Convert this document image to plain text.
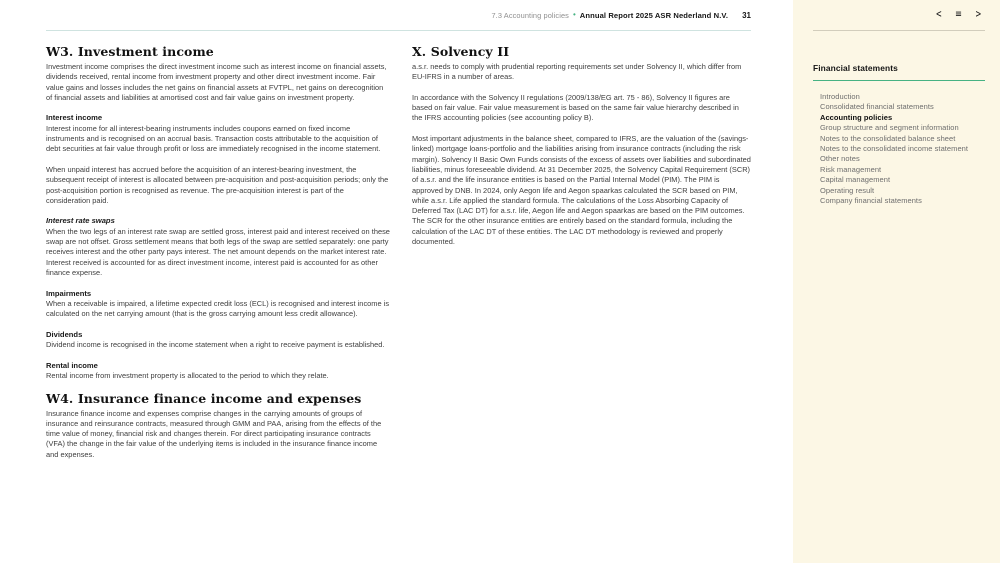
7.3 Accounting policies • Annual Report 2025 ASR Nederland N.V. 31
W3. Investment income

Investment income comprises the direct investment income such as interest income on financial assets, dividends received, rental income from investment property and other direct investment income. Fair value gains and losses includes the net gains on financial assets at FVTPL, net gains on derecognition of financial assets and liabilities at amortised cost and fair value gains on investment property.

Interest income

Interest income for all interest-bearing instruments includes coupons earned on fixed income instruments and is recognised on an accrual basis. Transaction costs attributable to the acquisition of debt securities at fair value through profit or loss are immediately recognised in the income statement.

When unpaid interest has accrued before the acquisition of an interest-bearing investment, the subsequent receipt of interest is allocated between pre-acquisition and post-acquisition periods; only the post-acquisition portion is recognised as revenue. The pre-acquisition interest is part of the consideration paid.

Interest rate swaps

When the two legs of an interest rate swap are settled gross, interest paid and interest received on these swap are not offset. Gross settlement means that both legs of the swap are settled separately: one party receives interest and the other party pays interest. The net amount depends on the market interest rate. Interest received is accounted for as direct investment income, interest paid is accounted for as other finance expense.

Impairments

When a receivable is impaired, a lifetime expected credit loss (ECL) is recognised and interest income is calculated on the net carrying amount (that is the gross carrying amount less credit allowance).

Dividends

Dividend income is recognised in the income statement when a right to receive payment is established.

Rental income

Rental income from investment property is allocated to the period to which they relate.

W4. Insurance finance income and expenses

Insurance finance income and expenses comprise changes in the carrying amounts of groups of insurance and reinsurance contracts, measured through GMM and PAA, arising from the effects of the time value of money, financial risk and changes therein. For direct participating insurance contracts (VFA) the change in the fair value of the underlying items is included in the insurance finance income and expenses.

X. Solvency II

a.s.r. needs to comply with prudential reporting requirements set under Solvency II, which differ from EU-IFRS in a number of areas.

In accordance with the Solvency II regulations (2009/138/EG art. 75 - 86), Solvency II figures are based on fair value. Fair value measurement is based on the same fair value hierarchy described in the IFRS accounting policies (see accounting policy B).

Most important adjustments in the balance sheet, compared to IFRS, are the valuation of the (savings-linked) mortgage loans-portfolio and the liabilities arising from insurance contracts (including the risk margin). Solvency II Basic Own Funds consists of the excess of assets over liabilities and subordinated liabilities, minus foreseeable dividend. At 31 December 2025, the Solvency Capital Requirement (SCR) of a.s.r. and the life insurance entities is based on the Partial Internal Model (PIM). The PIM is approved by DNB. In 2024, only Aegon life and Aegon spaarkas calculated the SCR based on PIM, while a.s.r. Life applied the standard formula. The calculations of the Loss Absorbing Capacity of Deferred Tax (LAC DT) for a.s.r. life, Aegon life and Aegon spaarkas are based on the PIM outcomes. The SCR for the other insurance entities are entirely based on the standard formula, including the calculation of the LAC DT of these entities. The LAC DT methodology is reviewed and properly documented.

< ≡ >
Financial statements
Introduction
Consolidated financial statements
Accounting policies
Group structure and segment information
Notes to the consolidated balance sheet
Notes to the consolidated income statement
Other notes
Risk management
Capital management
Operating result
Company financial statements
